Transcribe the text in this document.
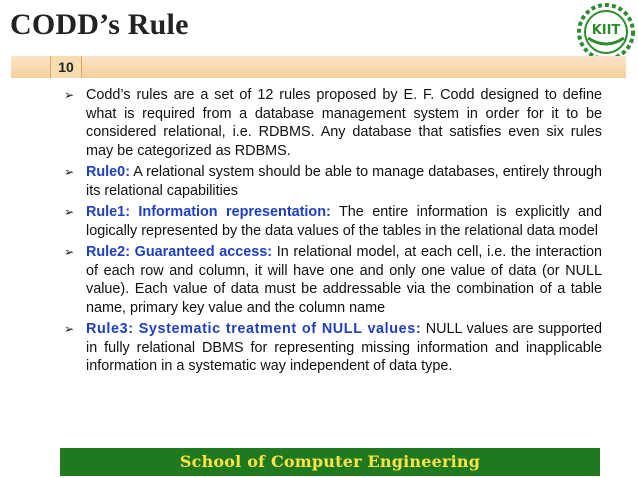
CODD’s Rule	KIIT
10
➢ Codd’s rules are a set of 12 rules proposed by E. F. Codd designed to define what is required from a database management system in order for it to be considered relational, i.e. RDBMS. Any database that satisfies even six rules may be categorized as RDBMS.
➢ Rule0: A relational system should be able to manage databases, entirely through its relational capabilities
➢ Rule1: Information representation: The entire information is explicitly and logically represented by the data values of the tables in the relational data model
➢ Rule2: Guaranteed access: In relational model, at each cell, i.e. the interaction of each row and column, it will have one and only one value of data (or NULL value). Each value of data must be addressable via the combination of a table name, primary key value and the column name
➢ Rule3: Systematic treatment of NULL values: NULL values are supported in fully relational DBMS for representing missing information and inapplicable information in a systematic way independent of data type.
School of Computer Engineering
